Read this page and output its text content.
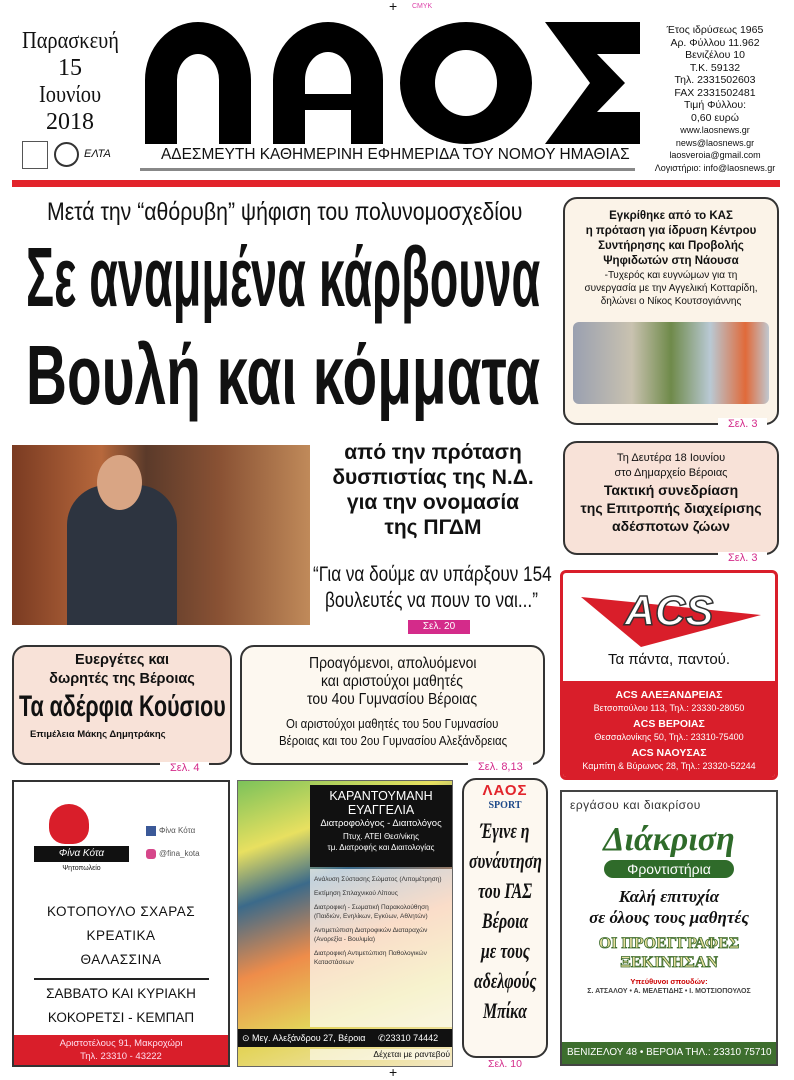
+ CMYK
Παρασκευή
15
Ιουνίου
2018
ΕΛΤΑ	ΑΔΕΣΜΕΥΤΗ ΚΑΘΗΜΕΡΙΝΗ ΕΦΗΜΕΡΙΔΑ ΤΟΥ ΝΟΜΟΥ ΗΜΑΘΙΑΣ
Έτος ιδρύσεως 1965
Αρ. Φύλλου 11.962
Βενιζέλου 10
Τ.Κ. 59132
Τηλ. 2331502603
FAX 2331502481
Τιμή Φύλλου:
0,60 ευρώ
www.laosnews.gr
news@laosnews.gr
laosveroia@gmail.com
Λογιστήριο: info@laosnews.gr
Μετά την “αθόρυβη” ψήφιση του πολυνομοσχεδίου
Σε αναμμένα κάρβουνα
Βουλή και κόμματα
από την πρόταση
δυσπιστίας της Ν.Δ.
για την ονομασία
της ΠΓΔΜ
“Για να δούμε αν υπάρξουν 154
βουλευτές να πουν το ναι...”
Σελ. 20
Εγκρίθηκε από το ΚΑΣ
η πρόταση για ίδρυση Κέντρου
Συντήρησης και Προβολής
Ψηφιδωτών στη Νάουσα
-Τυχερός και ευγνώμων για τη
συνεργασία με την Αγγελική Κοτταρίδη,
δηλώνει ο Νίκος Κουτσογιάννης
Σελ. 3
Τη Δευτέρα 18 Ιουνίου
στο Δημαρχείο Βέροιας
Τακτική συνεδρίαση
της Επιτροπής διαχείρισης
αδέσποτων ζώων
Σελ. 3
ACS
Τα πάντα, παντού.
ACS ΑΛΕΞΑΝΔΡΕΙΑΣ
Βετσοπούλου 113, Τηλ.: 23330-28050
ACS ΒΕΡΟΙΑΣ
Θεσσαλονίκης 50, Τηλ.: 23310-75400
ACS ΝΑΟΥΣΑΣ
Καμπίτη & Βύρωνος 28, Τηλ.: 23320-52244
Ευεργέτες και
δωρητές της Βέροιας
Τα αδέρφια Κούσιου
Επιμέλεια Μάκης Δημητράκης
Σελ. 4
Προαγόμενοι, απολυόμενοι
και αριστούχοι μαθητές
του 4ου Γυμνασίου Βέροιας
Οι αριστούχοι μαθητές του 5ου Γυμνασίου
Βέροιας και του 2ου Γυμνασίου Αλεξάνδρειας
Σελ. 8,13
Φίνα Κότα
Ψητοπωλείο
Φίνα Κότα
@fina_kota
ΚΟΤΟΠΟΥΛΟ ΣΧΑΡΑΣ
ΚΡΕΑΤΙΚΑ
ΘΑΛΑΣΣΙΝΑ
ΣΑΒΒΑΤΟ ΚΑΙ ΚΥΡΙΑΚΗ
ΚΟΚΟΡΕΤΣΙ - ΚΕΜΠΑΠ
Αριστοτέλους 91, Μακροχώρι
Τηλ. 23310 - 43222
ΚΑΡΑΝΤΟΥΜΑΝΗ
ΕΥΑΓΓΕΛΙΑ
Διατροφολόγος - Διαιτολόγος
Πτυχ. ΑΤΕΙ Θεσ/νίκης
τμ. Διατροφής και Διαιτολογίας
Ανάλυση Σύστασης Σώματος (Λιπομέτρηση)
Εκτίμηση Σπλαχνικού Λίπους
Διατροφική - Σωματική Παρακολούθηση (Παιδιών, Ενηλίκων, Εγκύων, Αθλητών)
Αντιμετώπιση Διατροφικών Διαταραχών (Ανορεξία - Βουλιμία)
Διατροφική Αντιμετώπιση Παθολογικών Καταστάσεων
⊙ Μεγ. Αλεξάνδρου 27, Βέροια	✆ 23310 74442
Δέχεται με ραντεβού
ΛΑΟΣ
SPORT
Έγινε η
συνάυτηση
του ΓΑΣ
Βέροια
με τους
αδελφούς
Μπίκα
Σελ. 10
εργάσου και διακρίσου
Διάκριση
Φροντιστήρια
Καλή επιτυχία
σε όλους τους μαθητές
ΟΙ ΠΡΟΕΓΓΡΑΦΕΣ
ΞΕΚΙΝΗΣΑΝ
Υπεύθυνοι σπουδών:
Σ. ΑΤΣΑΛΟΥ • Α. ΜΕΛΕΤΙΔΗΣ • Ι. ΜΟΤΣΙΟΠΟΥΛΟΣ
ΒΕΝΙΖΕΛΟΥ 48 • ΒΕΡΟΙΑ ΤΗΛ.: 23310 75710
+
